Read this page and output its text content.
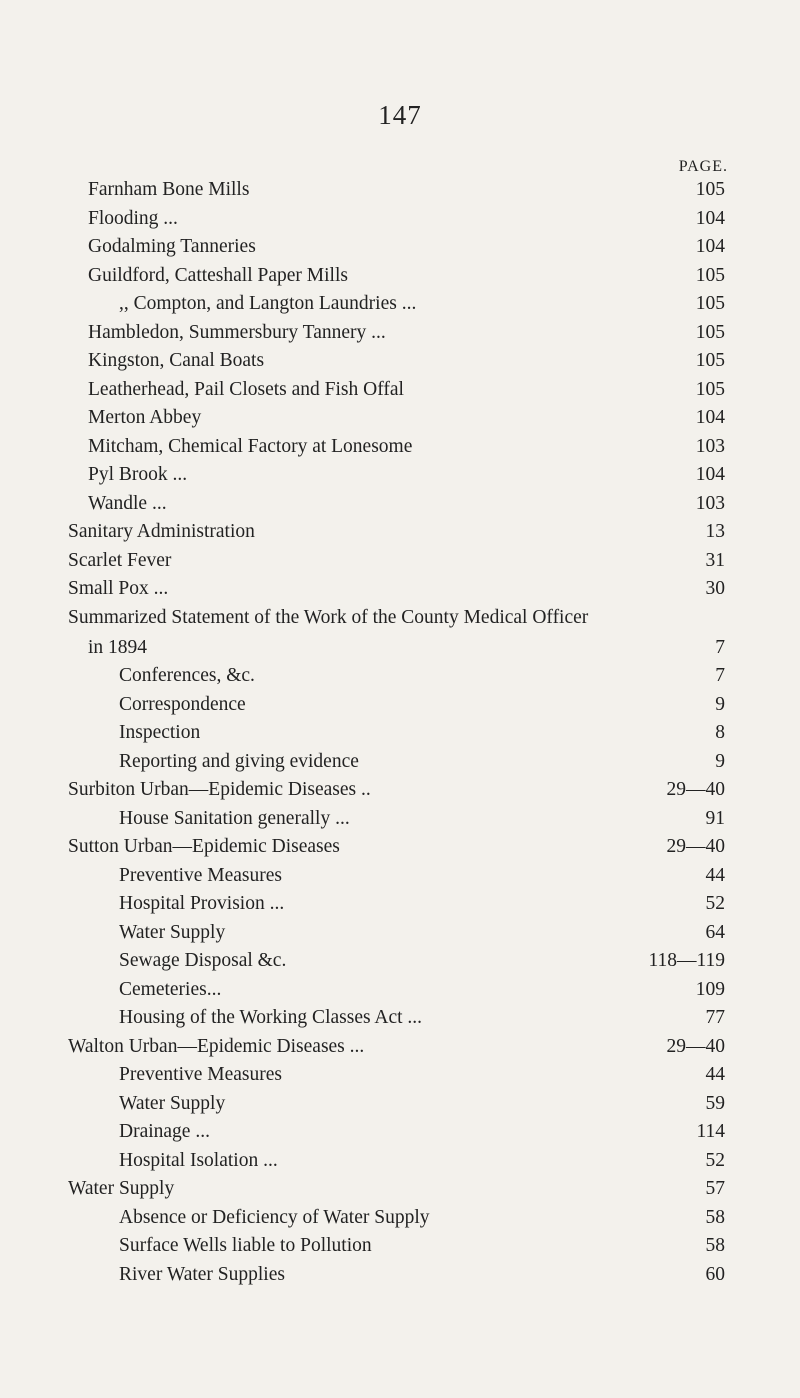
147
PAGE.
Farnham Bone Mills	105
Flooding ...	104
Godalming Tanneries	104
Guildford, Catteshall Paper Mills	105
,, Compton, and Langton Laundries ...	105
Hambledon, Summersbury Tannery ...	105
Kingston, Canal Boats	105
Leatherhead, Pail Closets and Fish Offal	105
Merton Abbey	104
Mitcham, Chemical Factory at Lonesome	103
Pyl Brook ...	104
Wandle ...	103
Sanitary Administration	13
Scarlet Fever	31
Small Pox ...	30
Summarized Statement of the Work of the County Medical Officer
in 1894	7
Conferences, &c.	7
Correspondence	9
Inspection	8
Reporting and giving evidence	9
Surbiton Urban—Epidemic Diseases ..	29—40
House Sanitation generally ...	91
Sutton Urban—Epidemic Diseases	29—40
Preventive Measures	44
Hospital Provision ...	52
Water Supply	64
Sewage Disposal &c.	118—119
Cemeteries...	109
Housing of the Working Classes Act ...	77
Walton Urban—Epidemic Diseases ...	29—40
Preventive Measures	44
Water Supply	59
Drainage ...	114
Hospital Isolation ...	52
Water Supply	57
Absence or Deficiency of Water Supply	58
Surface Wells liable to Pollution	58
River Water Supplies	60
